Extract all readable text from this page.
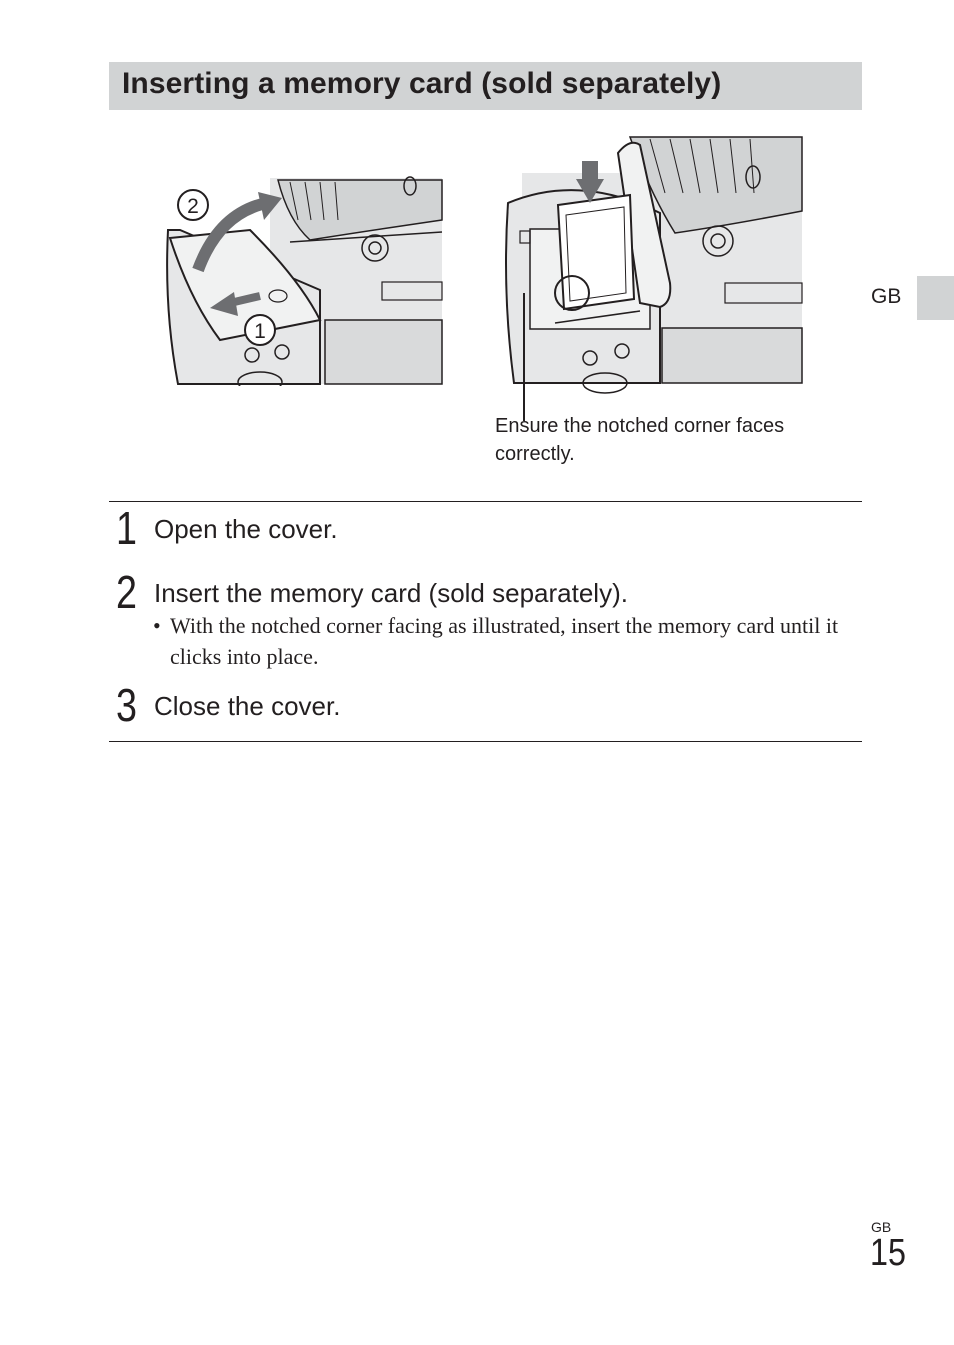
Inserting a memory card (sold separately)
GB
2
1
Ensure the notched corner faces correctly.
1 Open the cover.
2 Insert the memory card (sold separately).
• With the notched corner facing as illustrated, insert the memory card until it clicks into place.
3 Close the cover.
GB
15
